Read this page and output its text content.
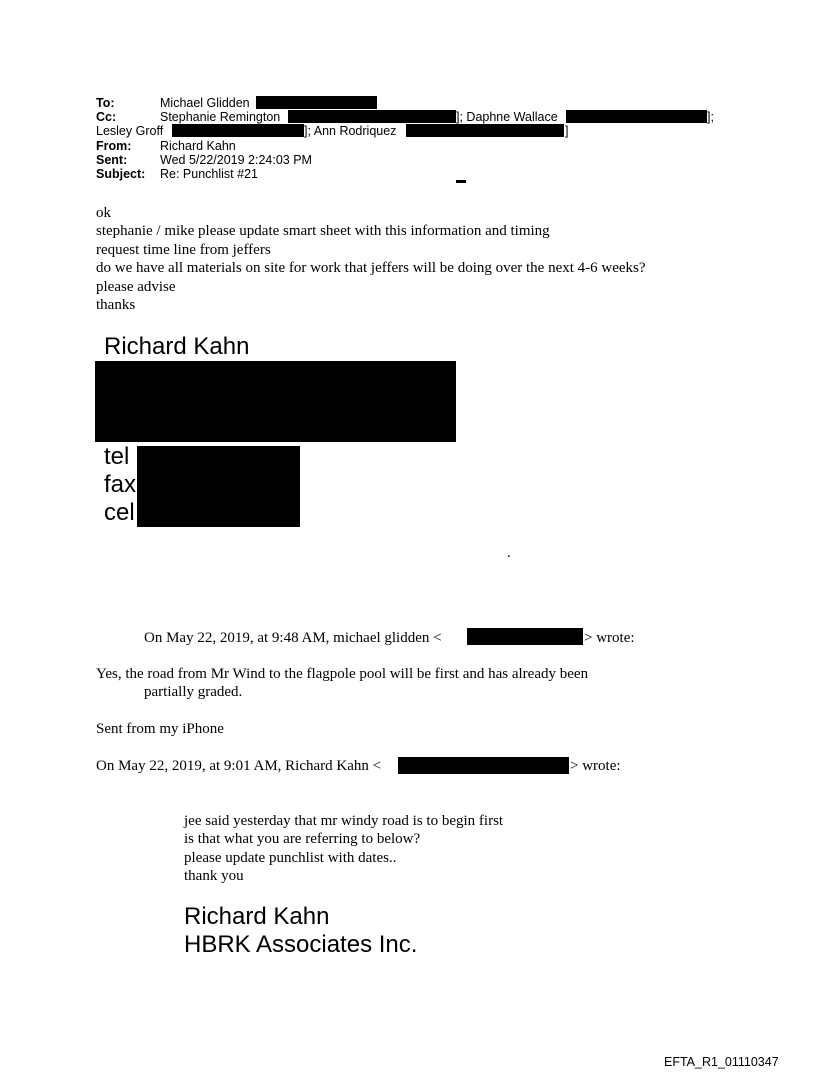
To:	Michael Glidden
Cc:	Stephanie Remington	]; Daphne Wallace	];
Lesley Groff	]; Ann Rodriquez	]
From: Richard Kahn
Sent:	Wed 5/22/2019 2:24:03 PM
Subject: Re: Punchlist #21
ok
stephanie / mike please update smart sheet with this information and timing
request time line from jeffers
do we have all materials on site for work that jeffers will be doing over the next 4-6 weeks?
please advise
thanks
Richard Kahn
tel
fax
cel
.
On May 22, 2019, at 9:48 AM, michael glidden <	> wrote:
Yes, the road from Mr Wind to the flagpole pool will be first and has already been
partially graded.
Sent from my iPhone
On May 22, 2019, at 9:01 AM, Richard Kahn <	> wrote:
jee said yesterday that mr windy road is to begin first
is that what you are referring to below?
please update punchlist with dates..
thank you
Richard Kahn
HBRK Associates Inc.
EFTA_R1_01110347
